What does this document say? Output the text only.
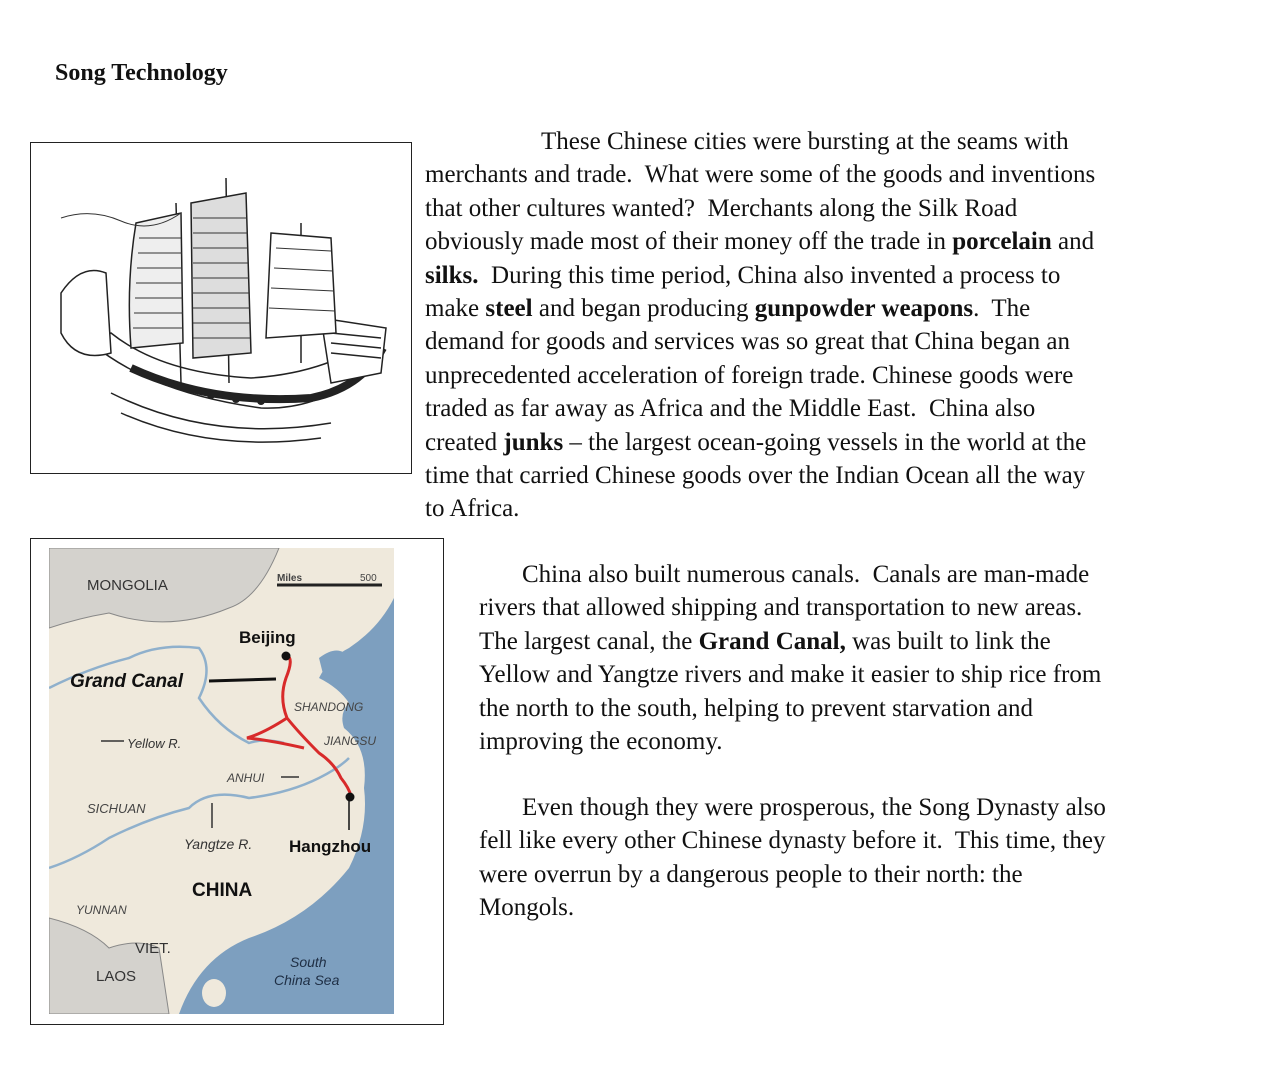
Song Technology
These Chinese cities were bursting at the seams with
merchants and trade.  What were some of the goods and inventions
that other cultures wanted?  Merchants along the Silk Road
obviously made most of their money off the trade in porcelain and
silks.  During this time period, China also invented a process to
make steel and began producing gunpowder weapons.  The
demand for goods and services was so great that China began an
unprecedented acceleration of foreign trade. Chinese goods were
traded as far away as Africa and the Middle East.  China also
created junks – the largest ocean-going vessels in the world at the
time that carried Chinese goods over the Indian Ocean all the way
to Africa.
China also built numerous canals.  Canals are man-made
rivers that allowed shipping and transportation to new areas.
The largest canal, the Grand Canal, was built to link the
Yellow and Yangtze rivers and make it easier to ship rice from
the north to the south, helping to prevent starvation and
improving the economy.
Even though they were prosperous, the Song Dynasty also
fell like every other Chinese dynasty before it.  This time, they
were overrun by a dangerous people to their north: the
Mongols.
Miles	500
MONGOLIA
Beijing
Grand Canal
SHANDONG
JIANGSU
Yellow R.
ANHUI
SICHUAN
Yangtze R. Hangzhou
CHINA
YUNNAN
VIET.
LAOS
South
China Sea
